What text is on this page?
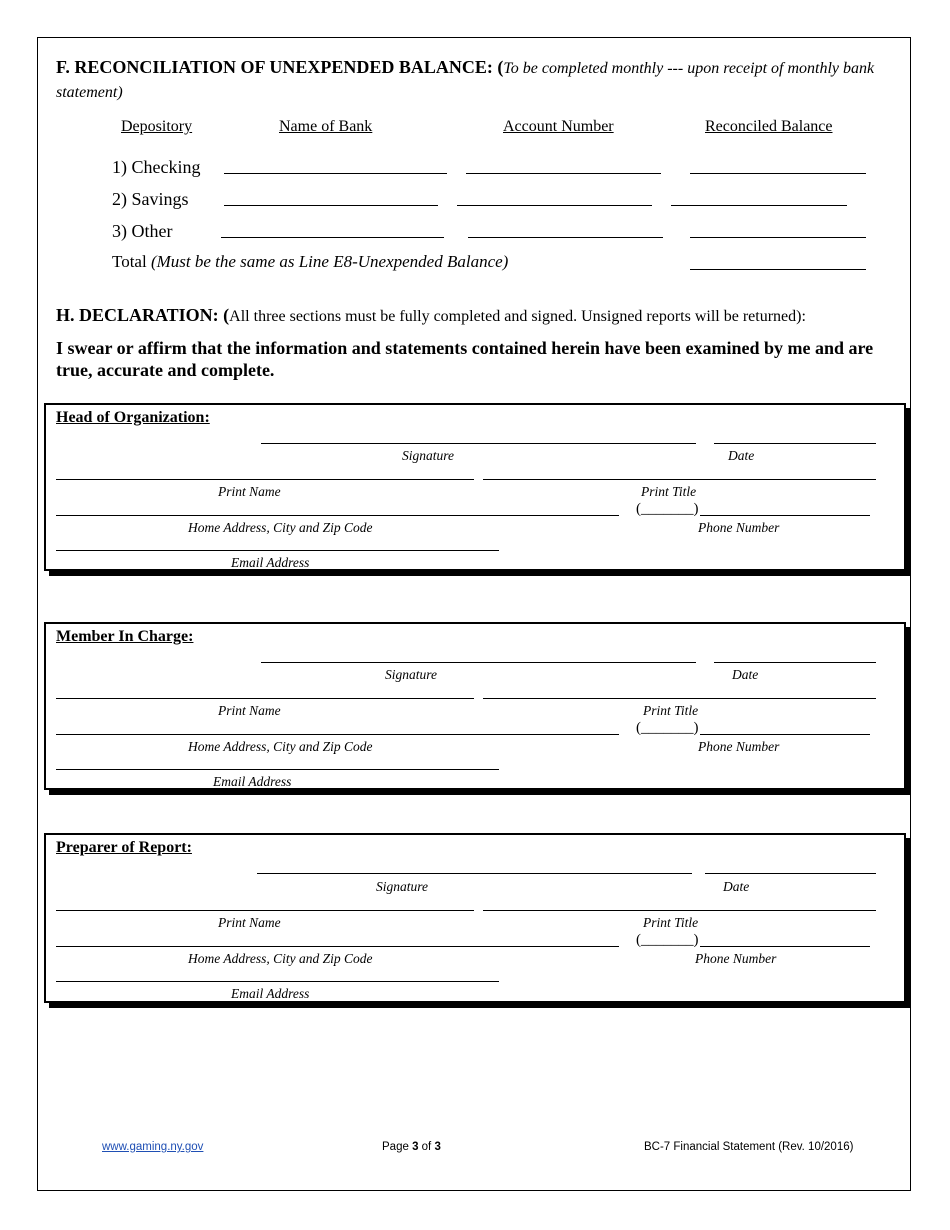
F. RECONCILIATION OF UNEXPENDED BALANCE: (To be completed monthly --- upon receipt of monthly bank statement)
Depository	Name of Bank	Account Number	Reconciled Balance
1) Checking
2) Savings
3) Other
Total (Must be the same as Line E8-Unexpended Balance)
H. DECLARATION: (All three sections must be fully completed and signed. Unsigned reports will be returned):
I swear or affirm that the information and statements contained herein have been examined by me and are true, accurate and complete.
Head of Organization:
Signature	Date
Print Name	Print Title
Home Address, City and Zip Code
(_______)
Phone Number
Email Address
Member In Charge:
Signature	Date
Print Name	Print Title
Home Address, City and Zip Code
(_______)
Phone Number
Email Address
Preparer of Report:
Signature	Date
Print Name	Print Title
Home Address, City and Zip Code
(_______)
Phone Number
Email Address
www.gaming.ny.gov	Page 3 of 3	BC-7 Financial Statement (Rev. 10/2016)
